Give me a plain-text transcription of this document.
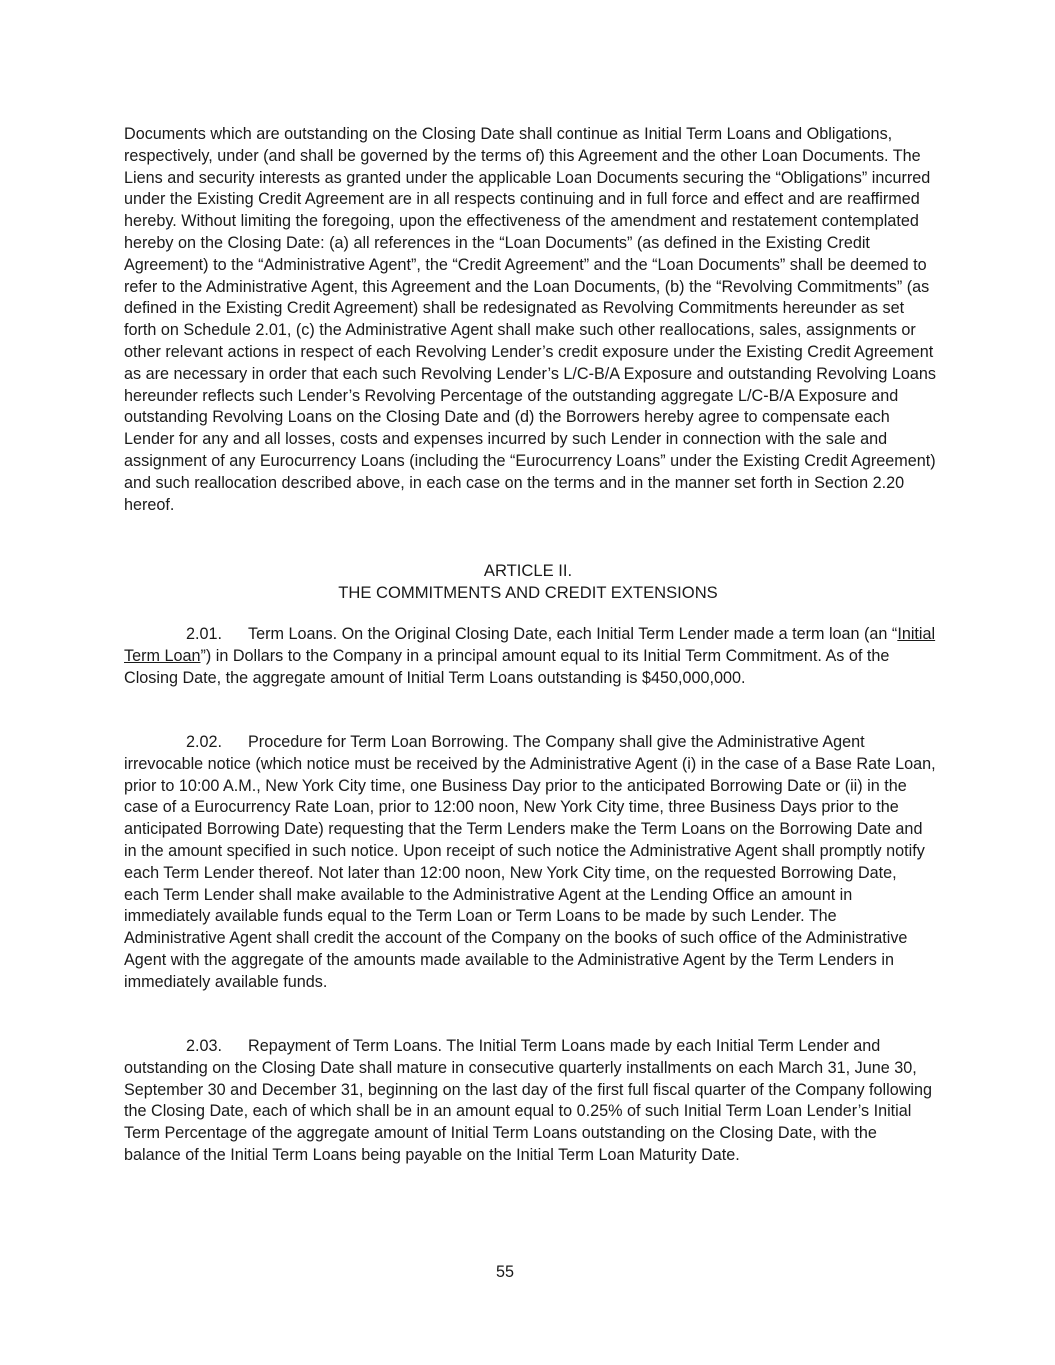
Documents which are outstanding on the Closing Date shall continue as Initial Term Loans and Obligations, respectively, under (and shall be governed by the terms of) this Agreement and the other Loan Documents. The Liens and security interests as granted under the applicable Loan Documents securing the “Obligations” incurred under the Existing Credit Agreement are in all respects continuing and in full force and effect and are reaffirmed hereby. Without limiting the foregoing, upon the effectiveness of the amendment and restatement contemplated hereby on the Closing Date: (a) all references in the “Loan Documents” (as defined in the Existing Credit Agreement) to the “Administrative Agent”, the “Credit Agreement” and the “Loan Documents” shall be deemed to refer to the Administrative Agent, this Agreement and the Loan Documents, (b) the “Revolving Commitments” (as defined in the Existing Credit Agreement) shall be redesignated as Revolving Commitments hereunder as set forth on Schedule 2.01, (c) the Administrative Agent shall make such other reallocations, sales, assignments or other relevant actions in respect of each Revolving Lender’s credit exposure under the Existing Credit Agreement as are necessary in order that each such Revolving Lender’s L/C-B/A Exposure and outstanding Revolving Loans hereunder reflects such Lender’s Revolving Percentage of the outstanding aggregate L/C-B/A Exposure and outstanding Revolving Loans on the Closing Date and (d) the Borrowers hereby agree to compensate each Lender for any and all losses, costs and expenses incurred by such Lender in connection with the sale and assignment of any Eurocurrency Loans (including the “Eurocurrency Loans” under the Existing Credit Agreement) and such reallocation described above, in each case on the terms and in the manner set forth in Section 2.20 hereof.

ARTICLE II.
THE COMMITMENTS AND CREDIT EXTENSIONS

2.01. Term Loans. On the Original Closing Date, each Initial Term Lender made a term loan (an “Initial Term Loan”) in Dollars to the Company in a principal amount equal to its Initial Term Commitment. As of the Closing Date, the aggregate amount of Initial Term Loans outstanding is $450,000,000.

2.02. Procedure for Term Loan Borrowing. The Company shall give the Administrative Agent irrevocable notice (which notice must be received by the Administrative Agent (i) in the case of a Base Rate Loan, prior to 10:00 A.M., New York City time, one Business Day prior to the anticipated Borrowing Date or (ii) in the case of a Eurocurrency Rate Loan, prior to 12:00 noon, New York City time, three Business Days prior to the anticipated Borrowing Date) requesting that the Term Lenders make the Term Loans on the Borrowing Date and in the amount specified in such notice. Upon receipt of such notice the Administrative Agent shall promptly notify each Term Lender thereof. Not later than 12:00 noon, New York City time, on the requested Borrowing Date, each Term Lender shall make available to the Administrative Agent at the Lending Office an amount in immediately available funds equal to the Term Loan or Term Loans to be made by such Lender. The Administrative Agent shall credit the account of the Company on the books of such office of the Administrative Agent with the aggregate of the amounts made available to the Administrative Agent by the Term Lenders in immediately available funds.

2.03. Repayment of Term Loans. The Initial Term Loans made by each Initial Term Lender and outstanding on the Closing Date shall mature in consecutive quarterly installments on each March 31, June 30, September 30 and December 31, beginning on the last day of the first full fiscal quarter of the Company following the Closing Date, each of which shall be in an amount equal to 0.25% of such Initial Term Loan Lender’s Initial Term Percentage of the aggregate amount of Initial Term Loans outstanding on the Closing Date, with the balance of the Initial Term Loans being payable on the Initial Term Loan Maturity Date.

55
